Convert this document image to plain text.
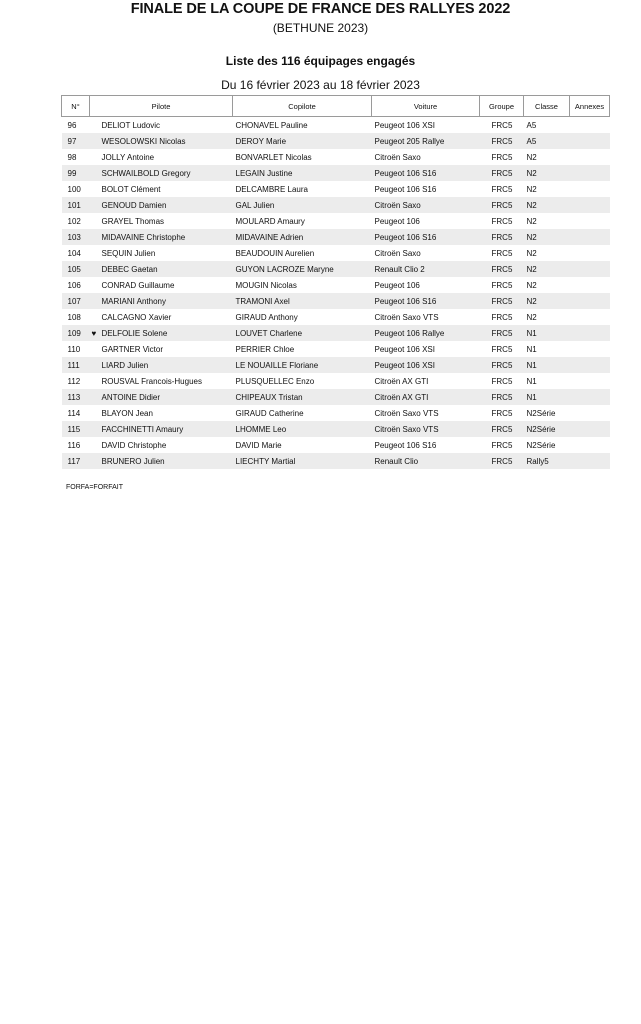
FINALE DE LA COUPE DE FRANCE DES RALLYES 2022
(BETHUNE 2023)
Liste des 116 équipages engagés
Du 16 février 2023 au 18 février 2023
N°	Pilote	Copilote	Voiture	Groupe	Classe	Annexes
96	DELIOT Ludovic	CHONAVEL Pauline	Peugeot 106 XSI	FRC5	A5	
97	WESOLOWSKI Nicolas	DEROY Marie	Peugeot 205 Rallye	FRC5	A5	
98	JOLLY Antoine	BONVARLET Nicolas	Citroën Saxo	FRC5	N2	
99	SCHWAILBOLD Gregory	LEGAIN Justine	Peugeot 106 S16	FRC5	N2	
100	BOLOT Clément	DELCAMBRE Laura	Peugeot 106 S16	FRC5	N2	
101	GENOUD Damien	GAL Julien	Citroën Saxo	FRC5	N2	
102	GRAYEL Thomas	MOULARD Amaury	Peugeot 106	FRC5	N2	
103	MIDAVAINE Christophe	MIDAVAINE Adrien	Peugeot 106 S16	FRC5	N2	
104	SEQUIN Julien	BEAUDOUIN Aurelien	Citroën Saxo	FRC5	N2	
105	DEBEC Gaetan	GUYON LACROZE Maryne	Renault Clio 2	FRC5	N2	
106	CONRAD Guillaume	MOUGIN Nicolas	Peugeot 106	FRC5	N2	
107	MARIANI Anthony	TRAMONI Axel	Peugeot 106 S16	FRC5	N2	
108	CALCAGNO Xavier	GIRAUD Anthony	Citroën Saxo VTS	FRC5	N2	
109	♥ DELFOLIE Solene	LOUVET Charlene	Peugeot 106 Rallye	FRC5	N1	
110	GARTNER Victor	PERRIER Chloe	Peugeot 106 XSI	FRC5	N1	
111	LIARD Julien	LE NOUAILLE Floriane	Peugeot 106 XSI	FRC5	N1	
112	ROUSVAL Francois-Hugues	PLUSQUELLEC Enzo	Citroën AX GTI	FRC5	N1	
113	ANTOINE Didier	CHIPEAUX Tristan	Citroën AX GTI	FRC5	N1	
114	BLAYON Jean	GIRAUD Catherine	Citroën Saxo VTS	FRC5	N2Série	
115	FACCHINETTI Amaury	LHOMME Leo	Citroën Saxo VTS	FRC5	N2Série	
116	DAVID Christophe	DAVID Marie	Peugeot 106 S16	FRC5	N2Série	
117	BRUNERO Julien	LIECHTY Martial	Renault Clio	FRC5	Rally5	
FORFA=FORFAIT
